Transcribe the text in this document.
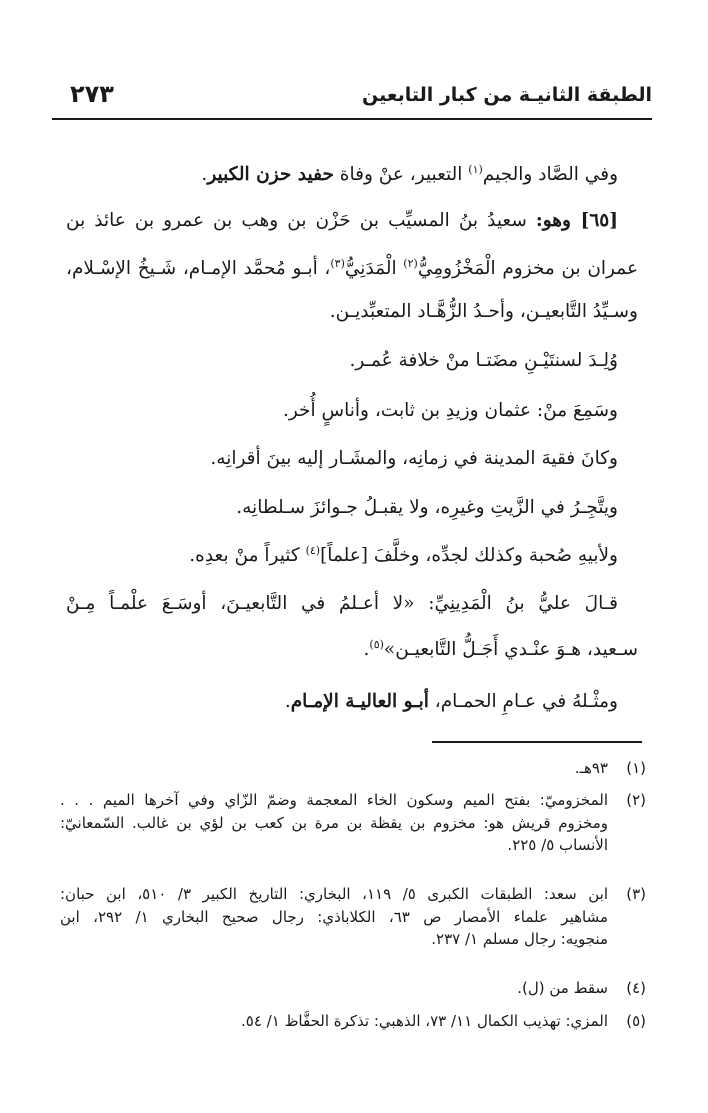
الطبقة الثانيـة من كبار التابعين
٢٧٣
وفي الصَّاد والجيم$^{(١)}$ التعبير، عنْ وفاة حفيد حزن الكبير.
[٦٥] وهو: سعيدُ بنُ المسيِّب بن حَزْن بن وهب بن عمرو بن عائذ بن
عمران بن مخزوم الْمَخْزُومِيُّ$^{(٢)}$ الْمَدَنِيُّ$^{(٣)}$، أبـو مُحمَّد الإمـام، شَـيخُ الإسْـلام،
وسـيِّدُ التَّابعيـن، وأحـدُ الزُّهَّـاد المتعبِّديـن.
وُلِـدَ لسنتَيْـنِ مضَتـا منْ خلافة عُمـر.
وسَمِعَ منْ: عثمان وزيدِ بن ثابت، وأناسٍ أُخر.
وكانَ فقيهَ المدينة في زمانِه، والمشَـار إليه بينَ أقرانِه.
ويتَّجِـرُ في الزَّيتِ وغيرِه، ولا يقبـلُ جـوائزَ سـلطانِه.
ولأبيهِ صُحبة وكذلك لجدِّه، وخلَّفَ [علماً]$^{(٤)}$ كثيراً منْ بعدِه.
قـالَ عليُّ بنُ الْمَدِينِيِّ: «لا أعـلمُ في التَّابعيـنَ، أوسَـعَ علْمـاً مِـنْ
سـعيد، هـوَ عنْـدي أَجَـلُّ التَّابعيـن»$^{(٥)}$.
ومثْـلهُ في عـامِ الحمـام، أبـو العاليـة الإمـام.
(١)
٩٣هـ.
(٢)
المخزوميّ: بفتح الميم وسكون الخاء المعجمة وضمّ الزّاي وفي آخرها الميم . . .
ومخزوم قريش هو: مخزوم بن يقظة بن مرة بن كعب بن لؤي بن غالب. السّمعانيّ:
الأنساب ٥/ ٢٢٥.
(٣)
ابن سعد: الطبقات الكبرى ٥/ ١١٩، البخاري: التاريخ الكبير ٣/ ٥١٠، ابن حبان:
مشاهير علماء الأمصار ص ٦٣، الكلاباذي: رجال صحيح البخاري ١/ ٢٩٢، ابن
منجويه: رجال مسلم ١/ ٢٣٧.
(٤)
سقط من (ل).
(٥)
المزي: تهذيب الكمال ١١/ ٧٣، الذهبي: تذكرة الحفَّاظ ١/ ٥٤.
